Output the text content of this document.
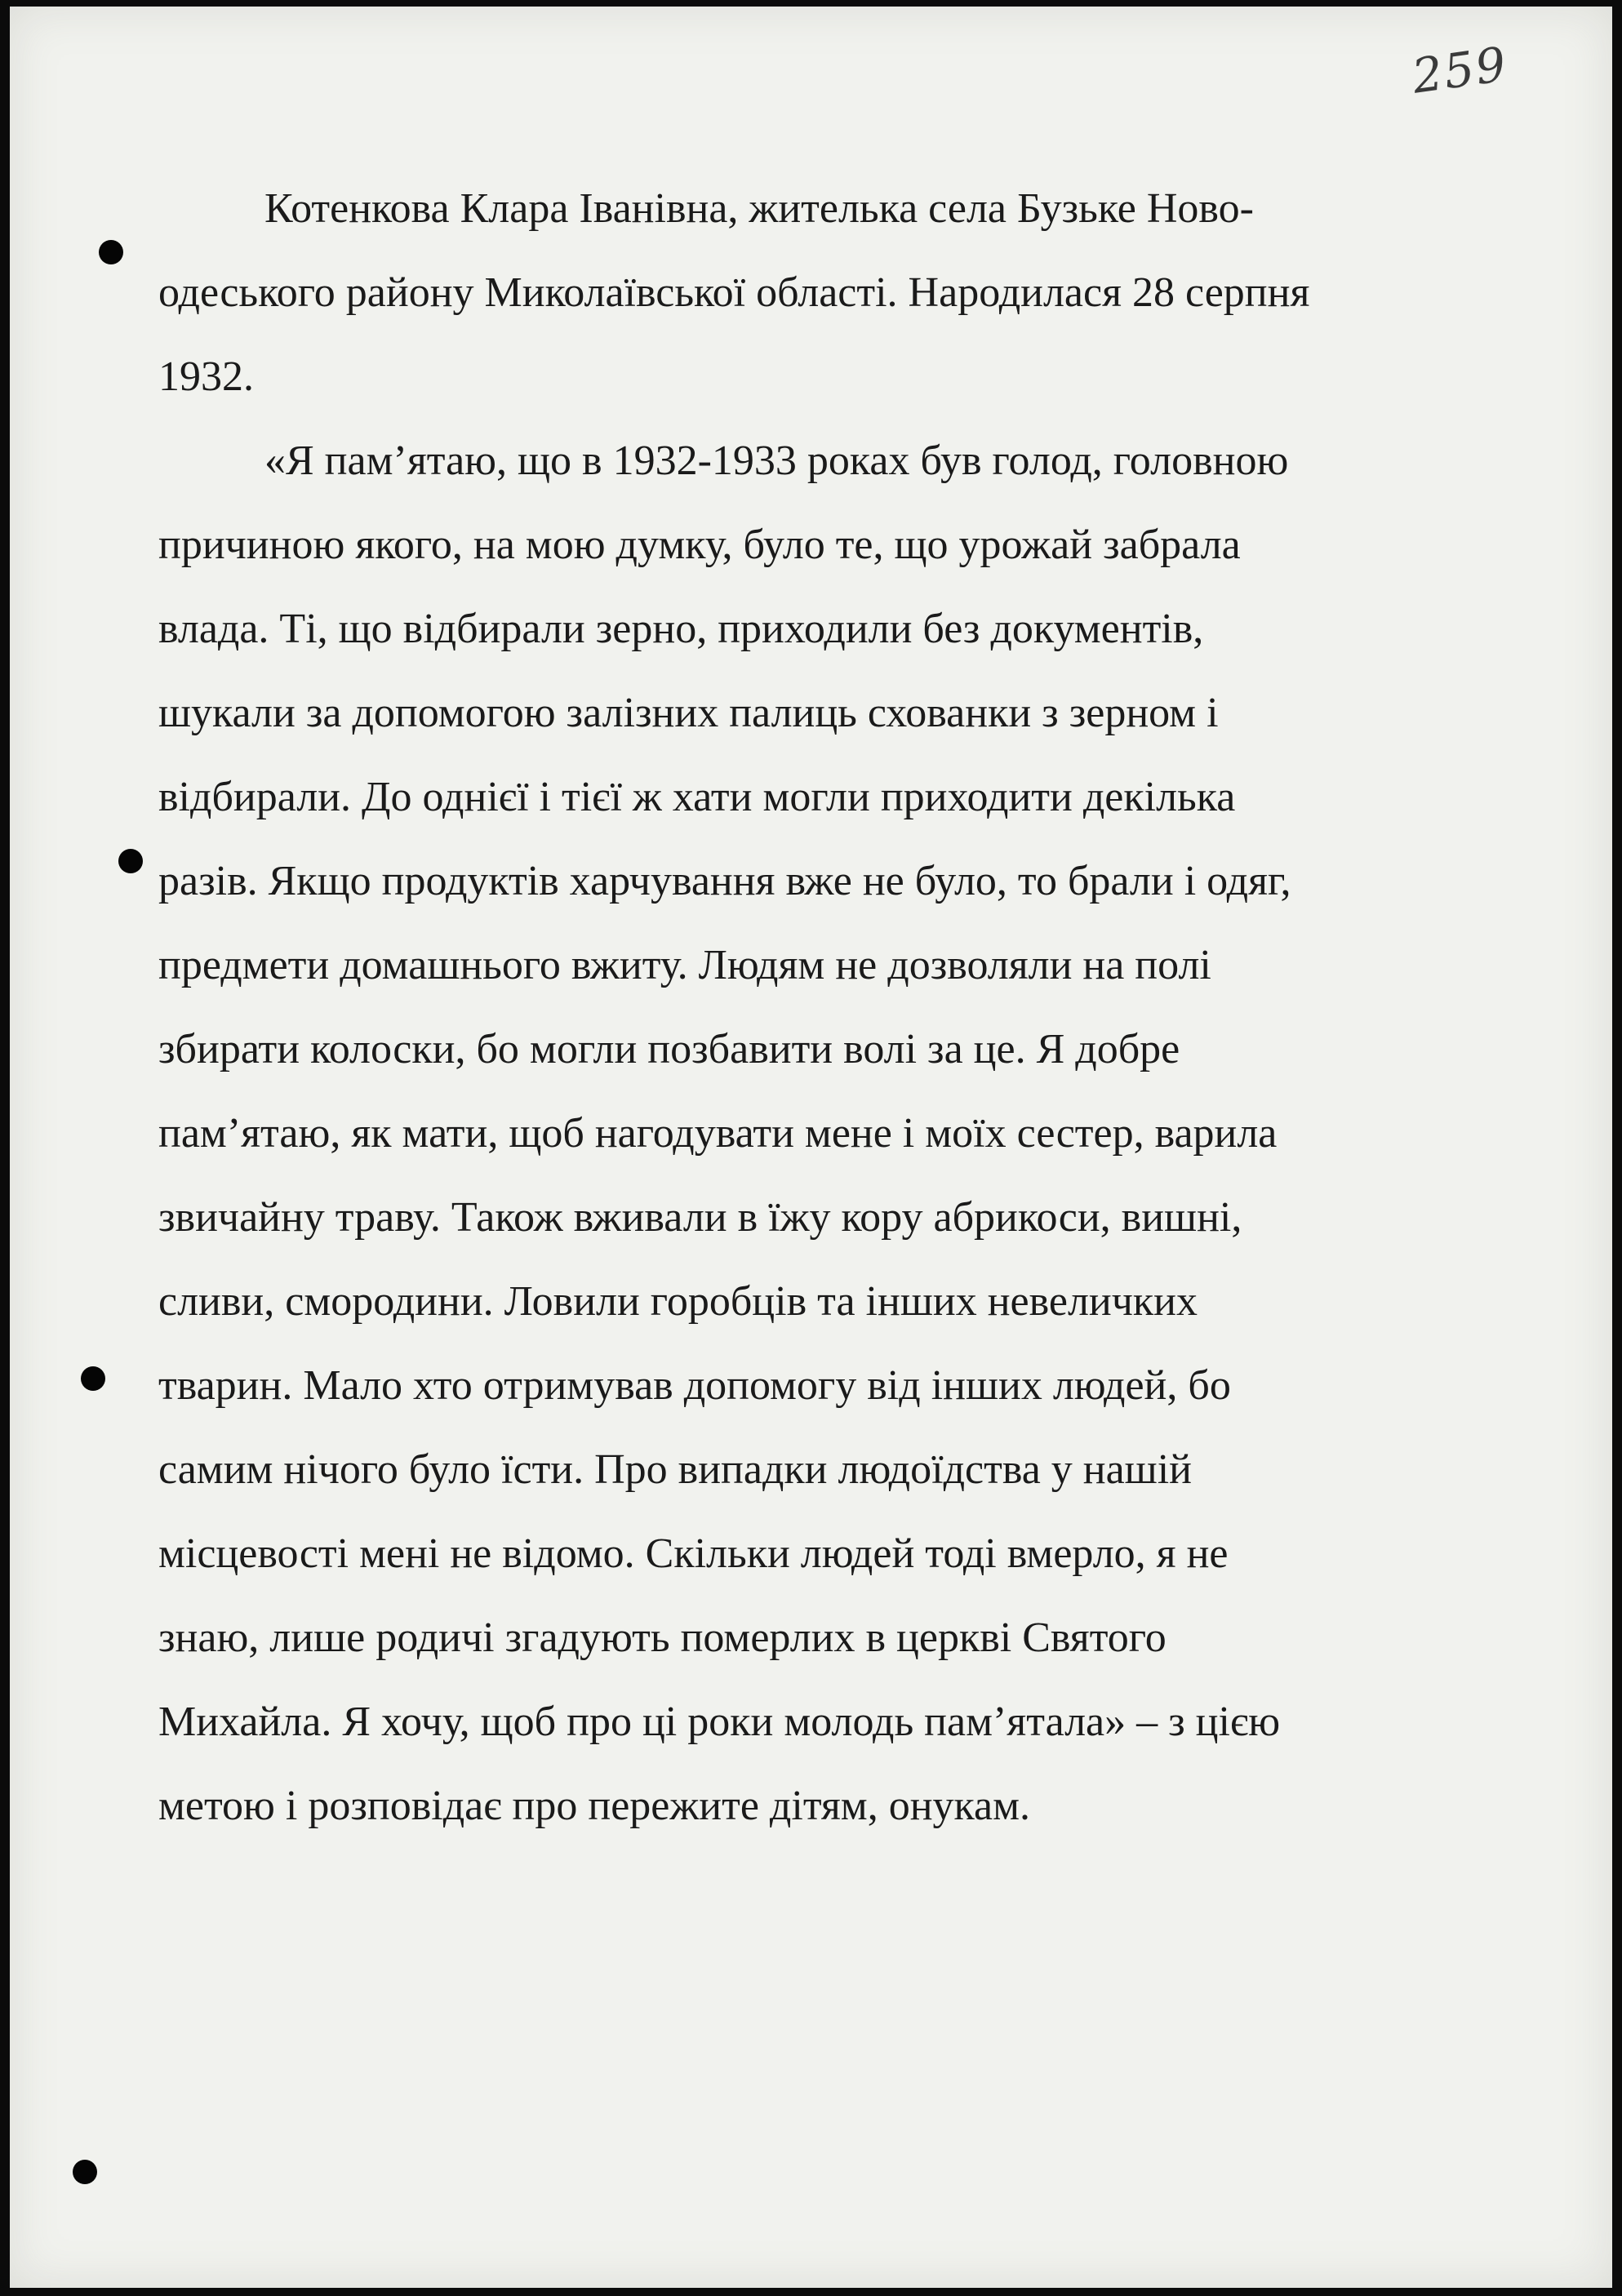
259

Котенкова Клара Іванівна, жителька села Бузьке Ново-
одеського району Миколаївської області. Народилася 28 серпня
1932.

«Я пам’ятаю, що в 1932-1933 роках був голод, головною
причиною якого, на мою думку, було те, що урожай забрала
влада. Ті, що відбирали зерно, приходили без документів,
шукали за допомогою залізних палиць схованки з зерном і
відбирали. До однієї і тієї ж хати могли приходити декілька
разів. Якщо продуктів харчування вже не було, то брали і одяг,
предмети домашнього вжиту. Людям не дозволяли на полі
збирати колоски, бо могли позбавити волі за це. Я добре
пам’ятаю, як мати, щоб нагодувати мене і моїх сестер, варила
звичайну траву. Також вживали в їжу кору абрикоси, вишні,
сливи, смородини. Ловили горобців та інших невеличких
тварин. Мало хто отримував допомогу від інших людей, бо
самим нічого було їсти. Про випадки людоїдства у нашій
місцевості мені не відомо. Скільки людей тоді вмерло, я не
знаю, лише родичі згадують померлих в церкві Святого
Михайла. Я хочу, щоб про ці роки молодь пам’ятала» – з цією
метою і розповідає про пережите дітям, онукам.
